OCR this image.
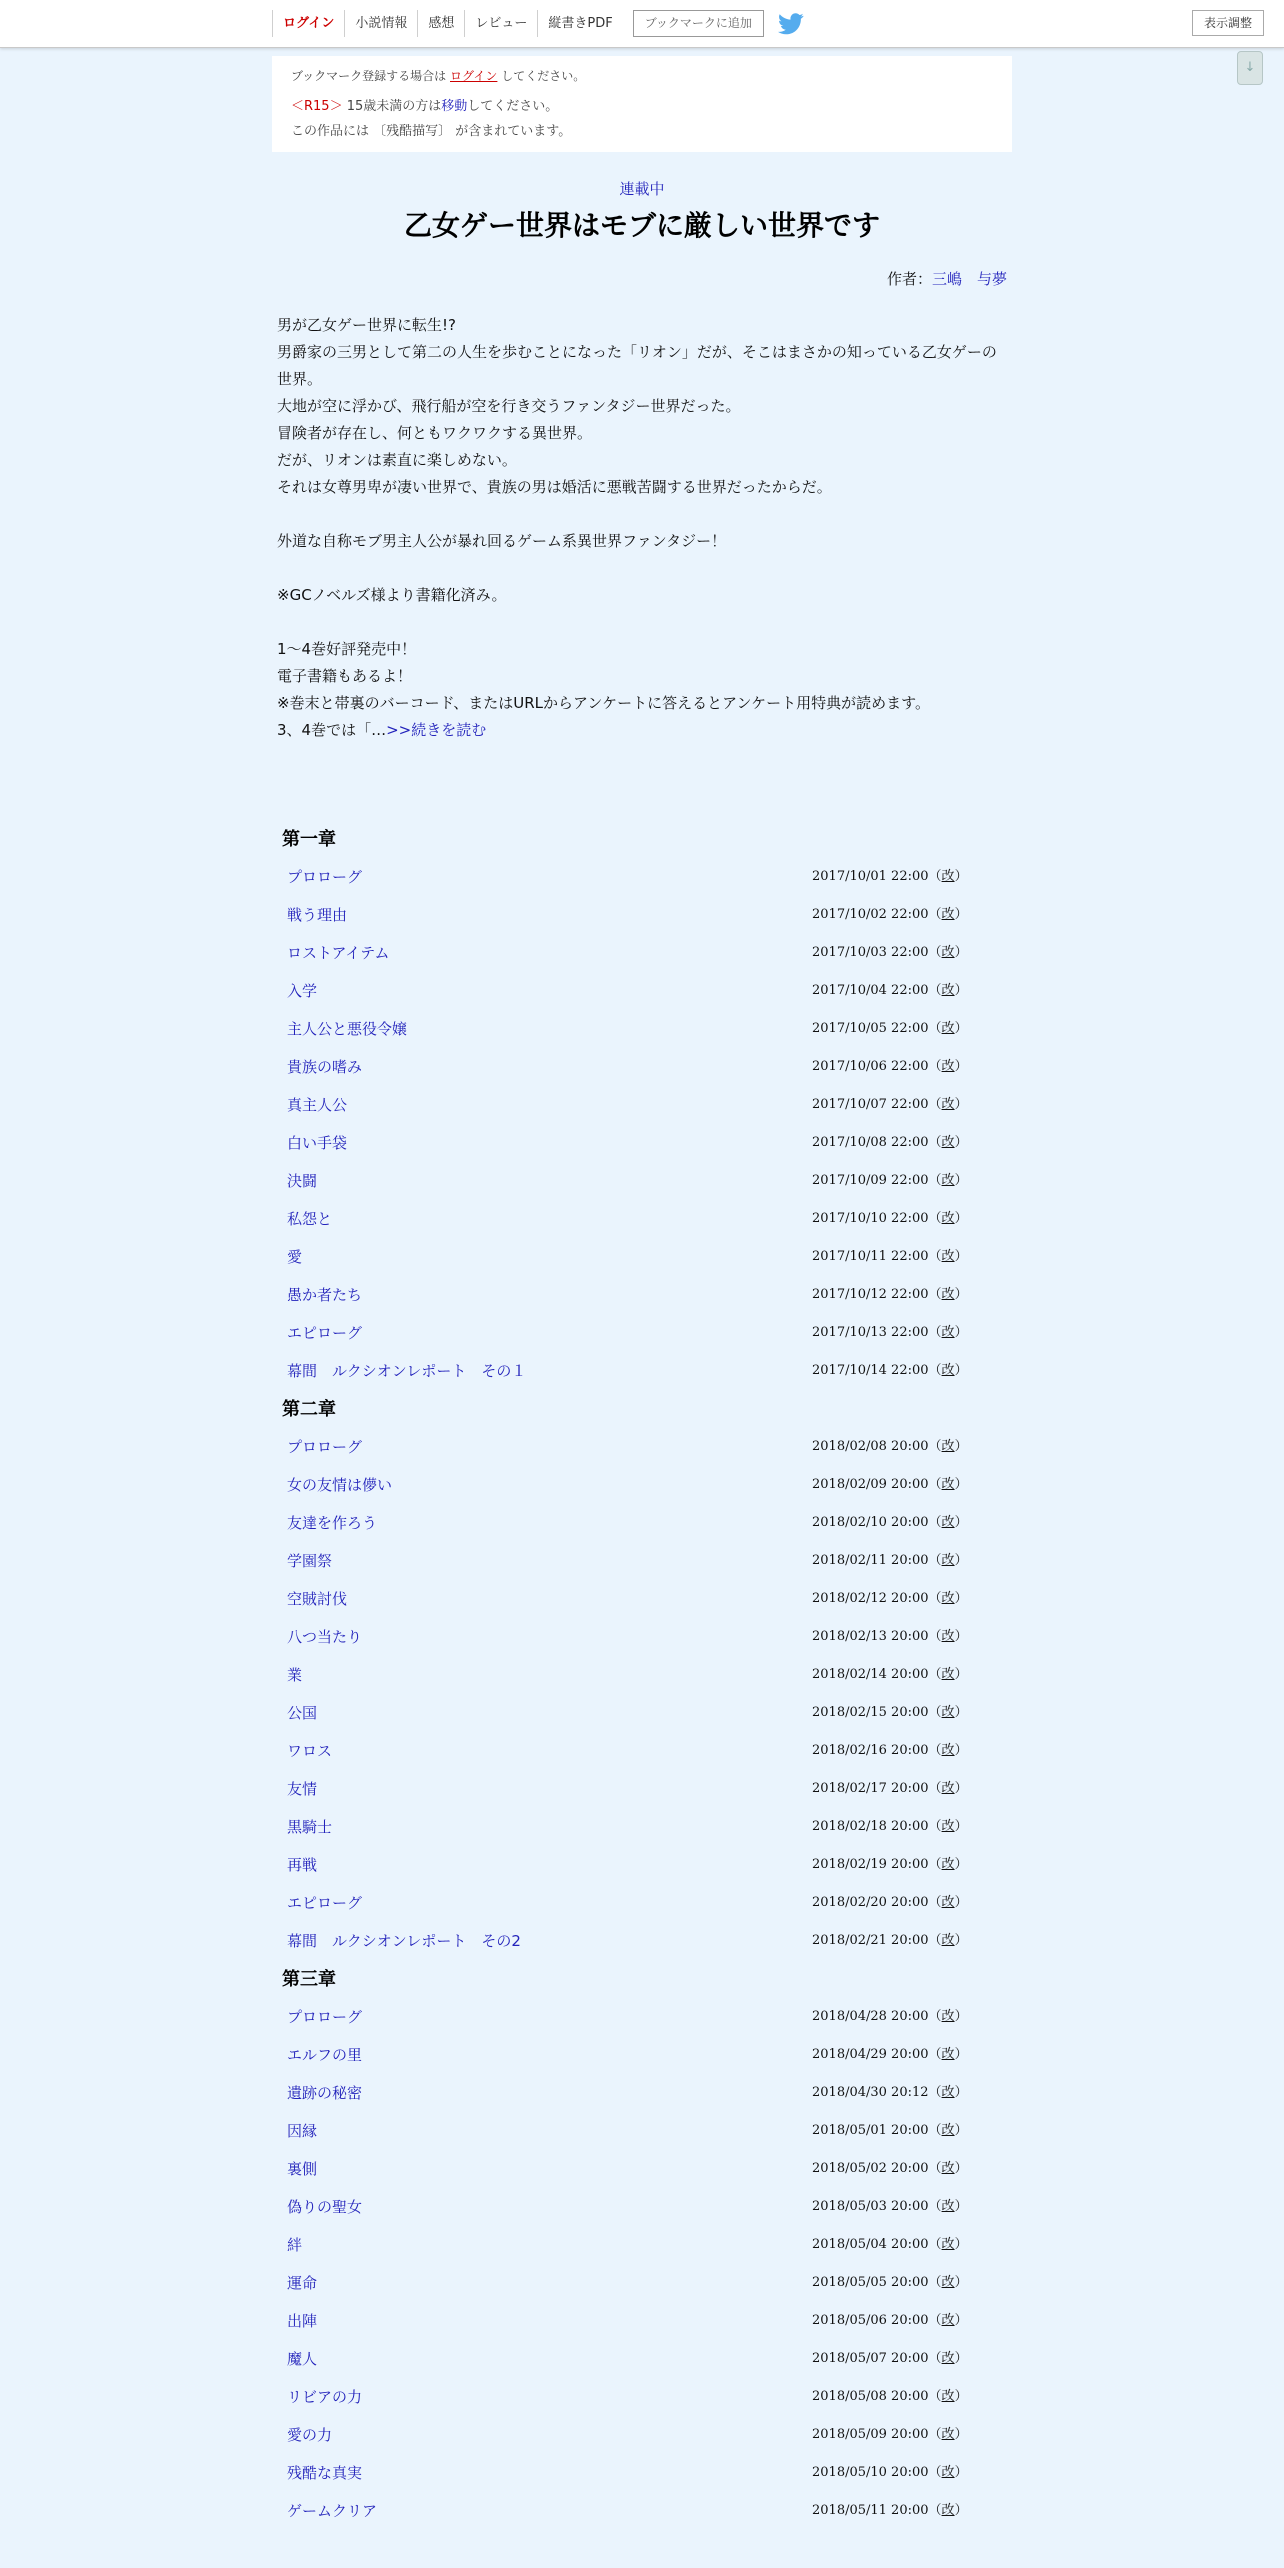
ログイン	小説情報	感想	レビュー	縦書きPDF	ブックマークに追加	表示調整
↓
ブックマーク登録する場合は ログイン してください。
＜R15＞ 15歳未満の方は移動してください。
この作品には 〔残酷描写〕 が含まれています。
連載中
乙女ゲー世界はモブに厳しい世界です
作者：三嶋　与夢
男が乙女ゲー世界に転生!?
男爵家の三男として第二の人生を歩むことになった「リオン」だが、そこはまさかの知っている乙女ゲーの
世界。
大地が空に浮かび、飛行船が空を行き交うファンタジー世界だった。
冒険者が存在し、何ともワクワクする異世界。
だが、リオンは素直に楽しめない。
それは女尊男卑が凄い世界で、貴族の男は婚活に悪戦苦闘する世界だったからだ。
外道な自称モブ男主人公が暴れ回るゲーム系異世界ファンタジー！
※GCノベルズ様より書籍化済み。
1～4巻好評発売中！
電子書籍もあるよ！
※巻末と帯裏のバーコード、またはURLからアンケートに答えるとアンケート用特典が読めます。
3、4巻では「…>>続きを読む
第一章
プロローグ	2017/10/01 22:00（改）
戦う理由	2017/10/02 22:00（改）
ロストアイテム	2017/10/03 22:00（改）
入学	2017/10/04 22:00（改）
主人公と悪役令嬢	2017/10/05 22:00（改）
貴族の嗜み	2017/10/06 22:00（改）
真主人公	2017/10/07 22:00（改）
白い手袋	2017/10/08 22:00（改）
決闘	2017/10/09 22:00（改）
私怨と	2017/10/10 22:00（改）
愛	2017/10/11 22:00（改）
愚か者たち	2017/10/12 22:00（改）
エピローグ	2017/10/13 22:00（改）
幕間　ルクシオンレポート　その１	2017/10/14 22:00（改）
第二章
プロローグ	2018/02/08 20:00（改）
女の友情は儚い	2018/02/09 20:00（改）
友達を作ろう	2018/02/10 20:00（改）
学園祭	2018/02/11 20:00（改）
空賊討伐	2018/02/12 20:00（改）
八つ当たり	2018/02/13 20:00（改）
業	2018/02/14 20:00（改）
公国	2018/02/15 20:00（改）
ワロス	2018/02/16 20:00（改）
友情	2018/02/17 20:00（改）
黒騎士	2018/02/18 20:00（改）
再戦	2018/02/19 20:00（改）
エピローグ	2018/02/20 20:00（改）
幕間　ルクシオンレポート　その2	2018/02/21 20:00（改）
第三章
プロローグ	2018/04/28 20:00（改）
エルフの里	2018/04/29 20:00（改）
遺跡の秘密	2018/04/30 20:12（改）
因縁	2018/05/01 20:00（改）
裏側	2018/05/02 20:00（改）
偽りの聖女	2018/05/03 20:00（改）
絆	2018/05/04 20:00（改）
運命	2018/05/05 20:00（改）
出陣	2018/05/06 20:00（改）
魔人	2018/05/07 20:00（改）
リビアの力	2018/05/08 20:00（改）
愛の力	2018/05/09 20:00（改）
残酷な真実	2018/05/10 20:00（改）
ゲームクリア	2018/05/11 20:00（改）
